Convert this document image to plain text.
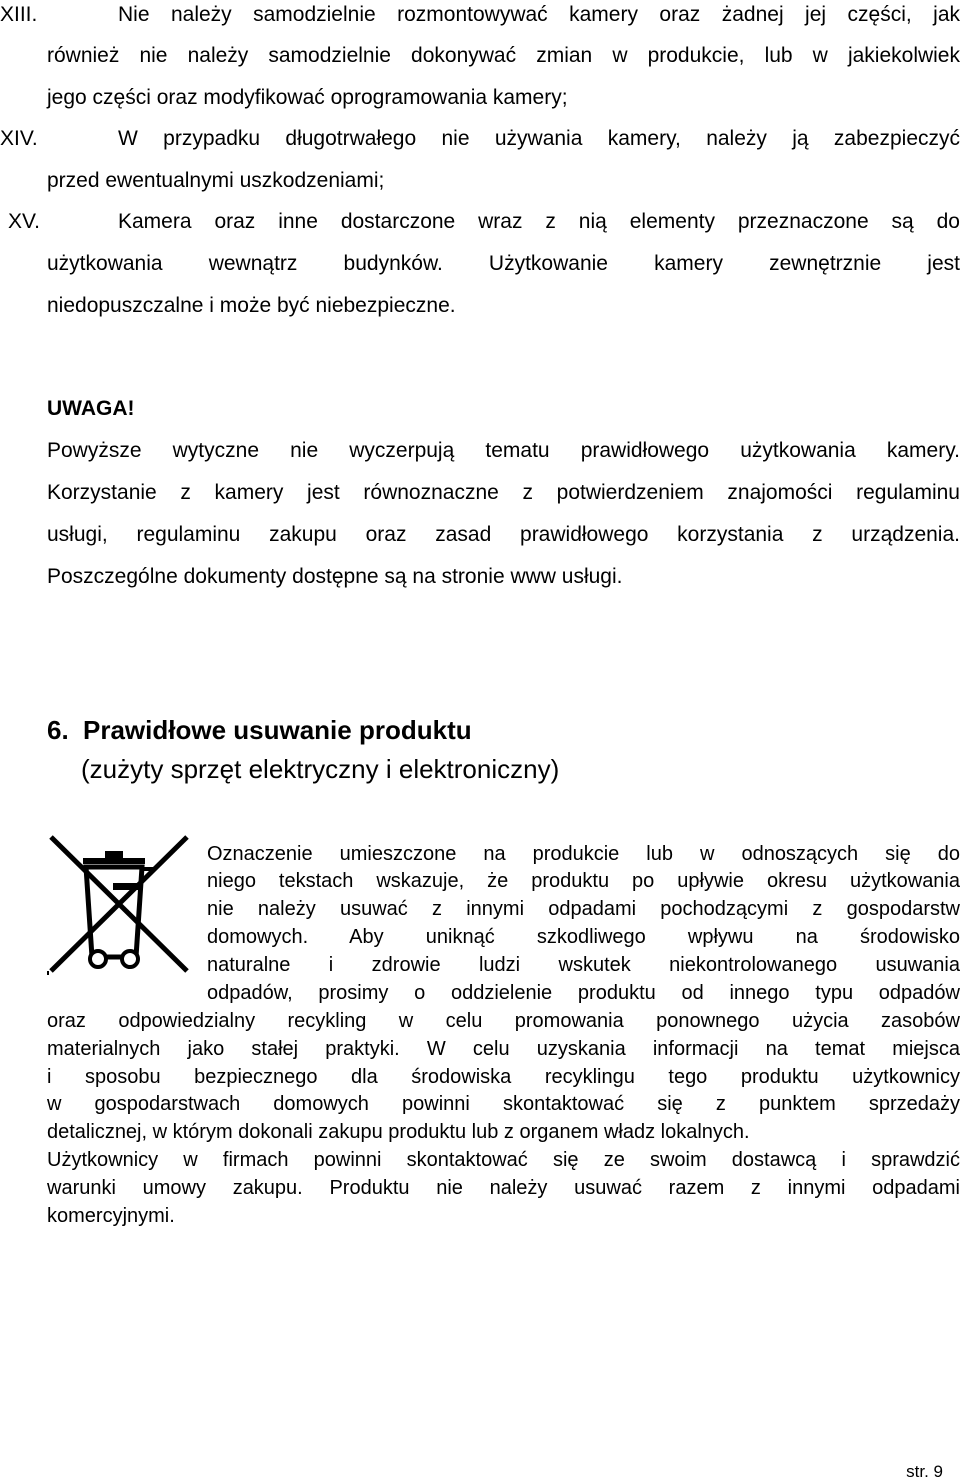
XIII.	Nie należy samodzielnie rozmontowywać kamery oraz żadnej jej części, jak
również nie należy samodzielnie dokonywać zmian w produkcie, lub w jakiekolwiek
jego części oraz modyfikować oprogramowania kamery;
XIV.	W przypadku długotrwałego nie używania kamery, należy ją zabezpieczyć
przed ewentualnymi uszkodzeniami;
XV.	Kamera oraz inne dostarczone wraz z nią elementy przeznaczone są do
użytkowania wewnątrz budynków. Użytkowanie kamery zewnętrznie jest
niedopuszczalne i może być niebezpieczne.
UWAGA!
Powyższe wytyczne nie wyczerpują tematu prawidłowego użytkowania kamery.
Korzystanie z kamery jest równoznaczne z potwierdzeniem znajomości regulaminu
usługi, regulaminu zakupu oraz zasad prawidłowego korzystania z urządzenia.
Poszczególne dokumenty dostępne są na stronie www usługi.
6. Prawidłowe usuwanie produktu
(zużyty sprzęt elektryczny i elektroniczny)
Oznaczenie umieszczone na produkcie lub w odnoszących się do
niego tekstach wskazuje, że produktu po upływie okresu użytkowania
nie należy usuwać z innymi odpadami pochodzącymi z gospodarstw
domowych. Aby uniknąć szkodliwego wpływu na środowisko
naturalne i zdrowie ludzi wskutek niekontrolowanego usuwania
odpadów, prosimy o oddzielenie produktu od innego typu odpadów
oraz odpowiedzialny recykling w celu promowania ponownego użycia zasobów
materialnych jako stałej praktyki. W celu uzyskania informacji na temat miejsca
i sposobu bezpiecznego dla środowiska recyklingu tego produktu użytkownicy
w gospodarstwach domowych powinni skontaktować się z punktem sprzedaży
detalicznej, w którym dokonali zakupu produktu lub z organem władz lokalnych.
Użytkownicy w firmach powinni skontaktować się ze swoim dostawcą i sprawdzić
warunki umowy zakupu. Produktu nie należy usuwać razem z innymi odpadami
komercyjnymi.
str. 9
